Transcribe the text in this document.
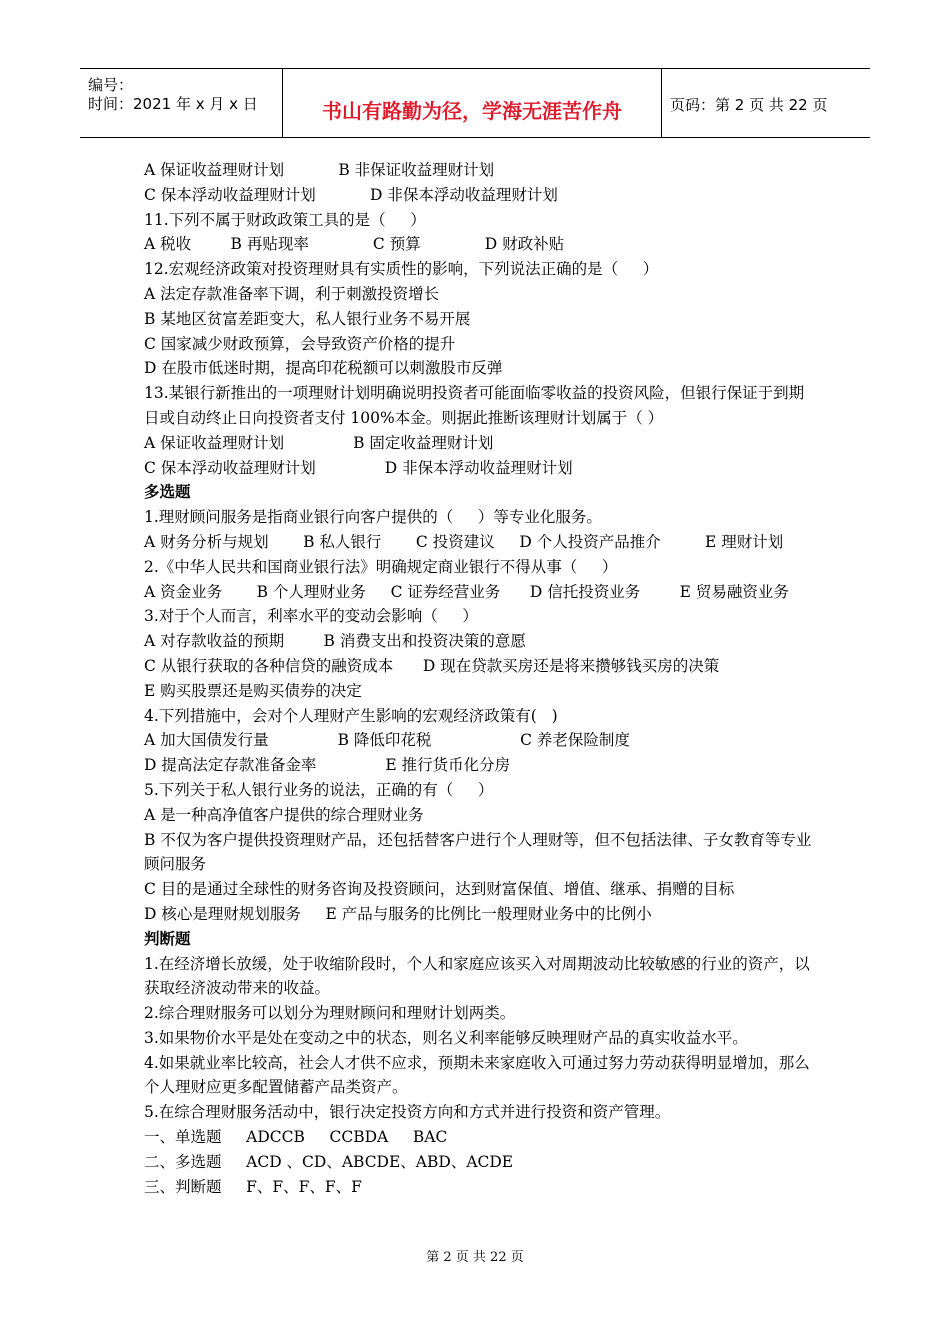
编号：
时间：2021 年 x 月 x 日	书山有路勤为径，学海无涯苦作舟	页码：第 2 页 共 22 页
A 保证收益理财计划           B 非保证收益理财计划
C 保本浮动收益理财计划           D 非保本浮动收益理财计划
11.下列不属于财政政策工具的是（     ）
A 税收        B 再贴现率             C 预算             D 财政补贴
12.宏观经济政策对投资理财具有实质性的影响，下列说法正确的是（     ）
A 法定存款准备率下调，利于刺激投资增长
B 某地区贫富差距变大，私人银行业务不易开展
C 国家减少财政预算，会导致资产价格的提升
D 在股市低迷时期，提高印花税额可以刺激股市反弹
13.某银行新推出的一项理财计划明确说明投资者可能面临零收益的投资风险，但银行保证于到期日或自动终止日向投资者支付 100%本金。则据此推断该理财计划属于（ ）
A 保证收益理财计划              B 固定收益理财计划
C 保本浮动收益理财计划              D 非保本浮动收益理财计划
多选题
1.理财顾问服务是指商业银行向客户提供的（     ）等专业化服务。
A 财务分析与规划       B 私人银行       C 投资建议     D 个人投资产品推介         E 理财计划
2.《中华人民共和国商业银行法》明确规定商业银行不得从事（     ）
A 资金业务       B 个人理财业务     C 证券经营业务      D 信托投资业务        E 贸易融资业务
3.对于个人而言，利率水平的变动会影响（     ）
A 对存款收益的预期        B 消费支出和投资决策的意愿
C 从银行获取的各种信贷的融资成本      D 现在贷款买房还是将来攒够钱买房的决策
E 购买股票还是购买债券的决定
4.下列措施中，会对个人理财产生影响的宏观经济政策有(   )
A 加大国债发行量              B 降低印花税                  C 养老保险制度
D 提高法定存款准备金率              E 推行货币化分房
5.下列关于私人银行业务的说法，正确的有（     ）
A 是一种高净值客户提供的综合理财业务
B 不仅为客户提供投资理财产品，还包括替客户进行个人理财等，但不包括法律、子女教育等专业顾问服务
C 目的是通过全球性的财务咨询及投资顾问，达到财富保值、增值、继承、捐赠的目标
D 核心是理财规划服务     E 产品与服务的比例比一般理财业务中的比例小
判断题
1.在经济增长放缓，处于收缩阶段时，个人和家庭应该买入对周期波动比较敏感的行业的资产，以获取经济波动带来的收益。
2.综合理财服务可以划分为理财顾问和理财计划两类。
3.如果物价水平是处在变动之中的状态，则名义利率能够反映理财产品的真实收益水平。
4.如果就业率比较高，社会人才供不应求，预期未来家庭收入可通过努力劳动获得明显增加，那么个人理财应更多配置储蓄产品类资产。
5.在综合理财服务活动中，银行决定投资方向和方式并进行投资和资产管理。
一、单选题     ADCCB     CCBDA     BAC
二、多选题     ACD 、CD、ABCDE、ABD、ACDE
三、判断题     F、F、F、F、F
第 2 页 共 22 页
